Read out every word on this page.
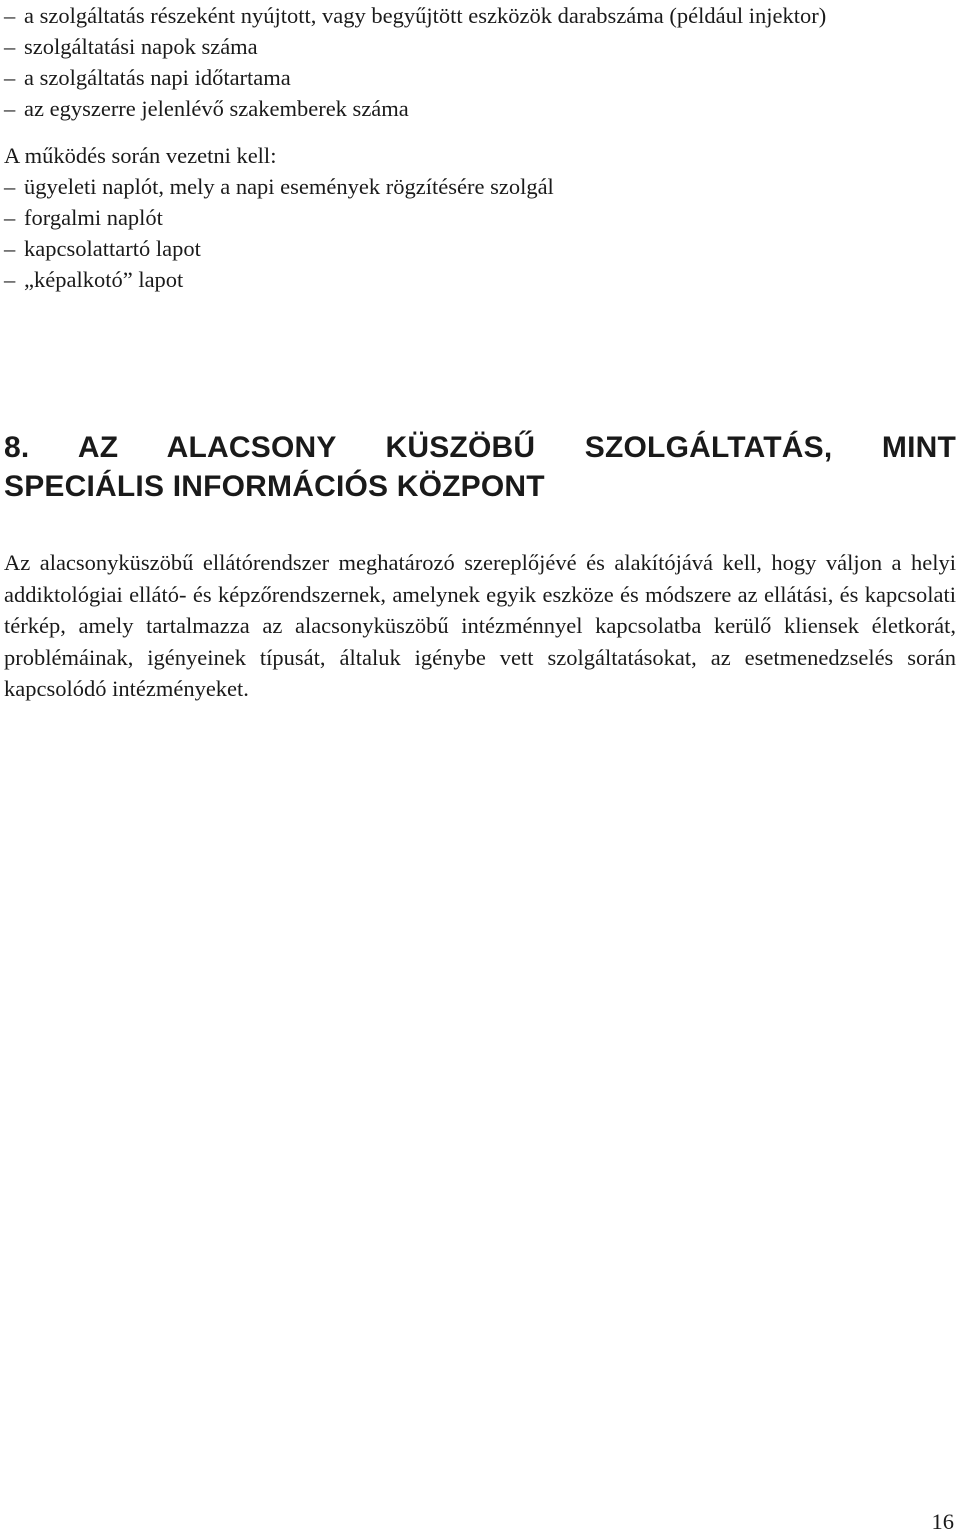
– a szolgáltatás részeként nyújtott, vagy begyűjtött eszközök darabszáma (például injektor)
– szolgáltatási napok száma
– a szolgáltatás napi időtartama
– az egyszerre jelenlévő szakemberek száma

A működés során vezetni kell:

– ügyeleti naplót, mely a napi események rögzítésére szolgál
– forgalmi naplót
– kapcsolattartó lapot
– „képalkotó” lapot
8. AZ ALACSONY KÜSZÖBŰ SZOLGÁLTATÁS, MINT
SPECIÁLIS INFORMÁCIÓS KÖZPONT

Az alacsonyküszöbű ellátórendszer meghatározó szereplőjévé és alakítójává kell, hogy váljon a helyi addiktológiai ellátó- és képzőrendszernek, amelynek egyik eszköze és módszere az ellátási, és kapcsolati térkép, amely tartalmazza az alacsonyküszöbű intézménnyel kapcsolatba kerülő kliensek életkorát, problémáinak, igényeinek típusát, általuk igénybe vett szolgáltatásokat, az esetmenedzselés során kapcsolódó intézményeket.

16
